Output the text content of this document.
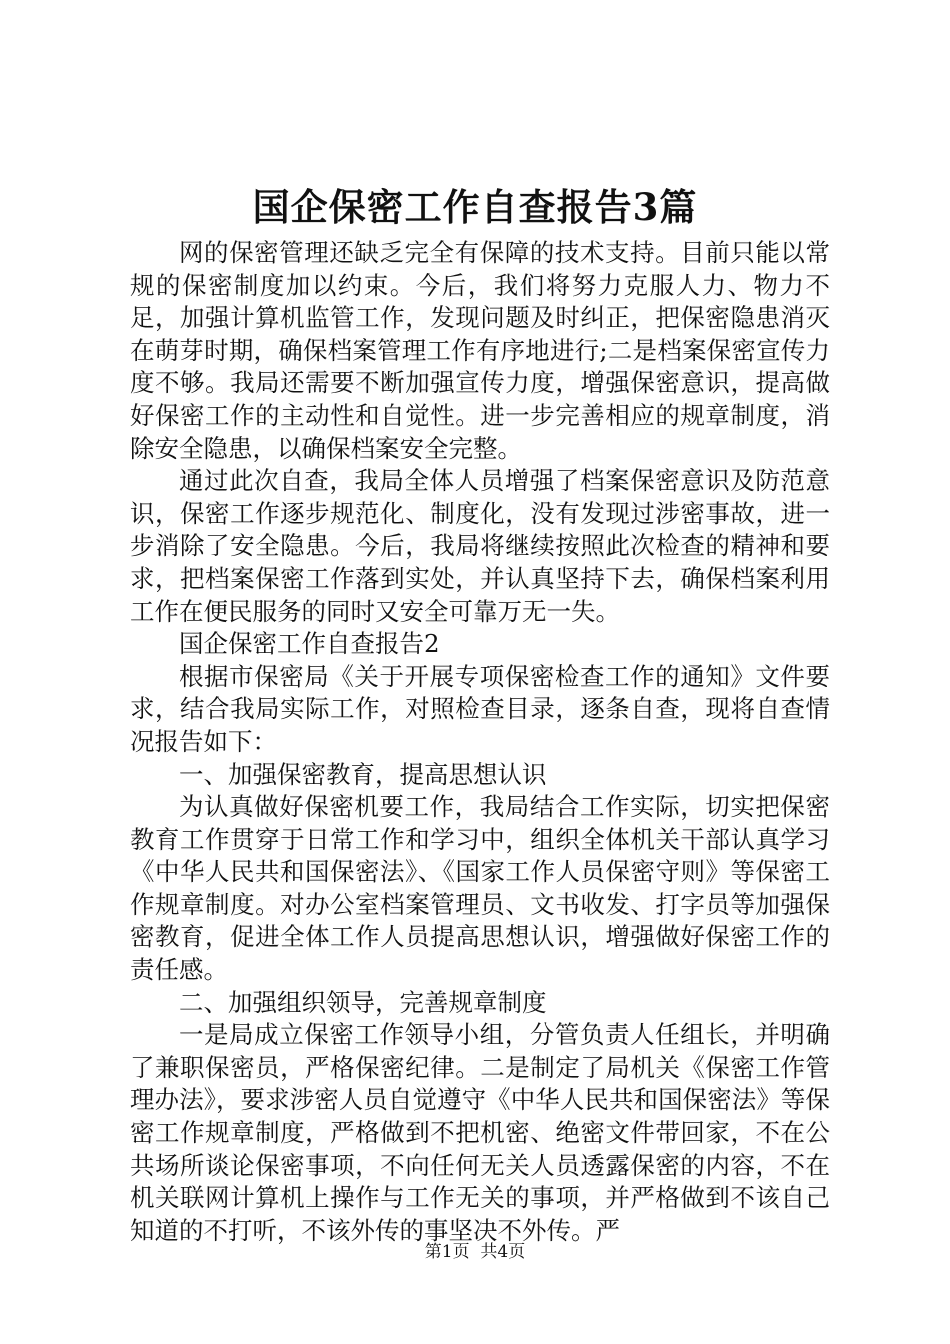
国企保密工作自查报告3篇

网的保密管理还缺乏完全有保障的技术支持。目前只能以常规的保密制度加以约束。今后，我们将努力克服人力、物力不足，加强计算机监管工作，发现问题及时纠正，把保密隐患消灭在萌芽时期，确保档案管理工作有序地进行;二是档案保密宣传力度不够。我局还需要不断加强宣传力度，增强保密意识，提高做好保密工作的主动性和自觉性。进一步完善相应的规章制度，消除安全隐患，以确保档案安全完整。

通过此次自查，我局全体人员增强了档案保密意识及防范意识，保密工作逐步规范化、制度化，没有发现过涉密事故，进一步消除了安全隐患。今后，我局将继续按照此次检查的精神和要求，把档案保密工作落到实处，并认真坚持下去，确保档案利用工作在便民服务的同时又安全可靠万无一失。

国企保密工作自查报告2

根据市保密局《关于开展专项保密检查工作的通知》文件要求，结合我局实际工作，对照检查目录，逐条自查，现将自查情况报告如下：

一、加强保密教育，提高思想认识

为认真做好保密机要工作，我局结合工作实际，切实把保密教育工作贯穿于日常工作和学习中，组织全体机关干部认真学习《中华人民共和国保密法》、《国家工作人员保密守则》等保密工作规章制度。对办公室档案管理员、文书收发、打字员等加强保密教育，促进全体工作人员提高思想认识，增强做好保密工作的责任感。

二、加强组织领导，完善规章制度

一是局成立保密工作领导小组，分管负责人任组长，并明确了兼职保密员，严格保密纪律。二是制定了局机关《保密工作管理办法》，要求涉密人员自觉遵守《中华人民共和国保密法》等保密工作规章制度，严格做到不把机密、绝密文件带回家，不在公共场所谈论保密事项，不向任何无关人员透露保密的内容，不在机关联网计算机上操作与工作无关的事项，并严格做到不该自己知道的不打听，不该外传的事坚决不外传。严

第1页 共4页
